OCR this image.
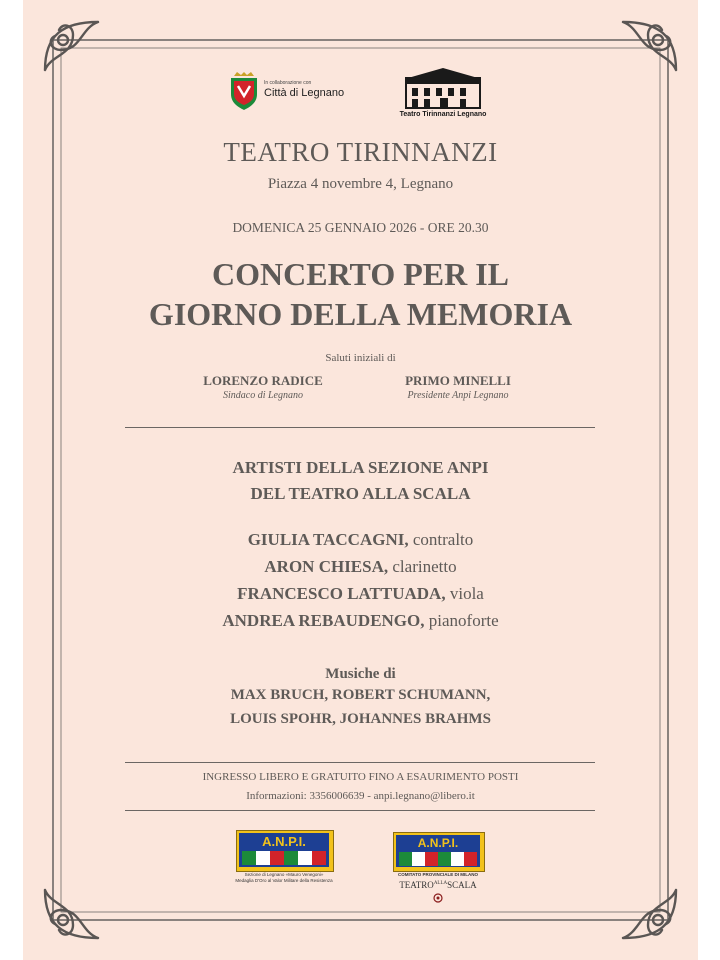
In collaborazione con
Città di Legnano
Teatro Tirinnanzi Legnano
TEATRO TIRINNANZI
Piazza 4 novembre 4, Legnano
DOMENICA 25 GENNAIO 2026 - ORE 20.30
CONCERTO PER IL
GIORNO DELLA MEMORIA
Saluti iniziali di
LORENZO RADICE
Sindaco di Legnano
PRIMO MINELLI
Presidente Anpi Legnano
ARTISTI DELLA SEZIONE ANPI
DEL TEATRO ALLA SCALA
GIULIA TACCAGNI, contralto
ARON CHIESA, clarinetto
FRANCESCO LATTUADA, viola
ANDREA REBAUDENGO, pianoforte
Musiche di
MAX BRUCH, ROBERT SCHUMANN,
LOUIS SPOHR, JOHANNES BRAHMS
INGRESSO LIBERO E GRATUITO FINO A ESAURIMENTO POSTI
Informazioni: 3356006639 - anpi.legnano@libero.it
A.N.P.I.
Sezione di Legnano «Mauro Venegoni»
Medaglia D'Oro al Valor Militare della Resistenza
A.N.P.I.
COMITATO PROVINCIALE DI MILANO
$TEATRO^{ALLA}SCALA$
